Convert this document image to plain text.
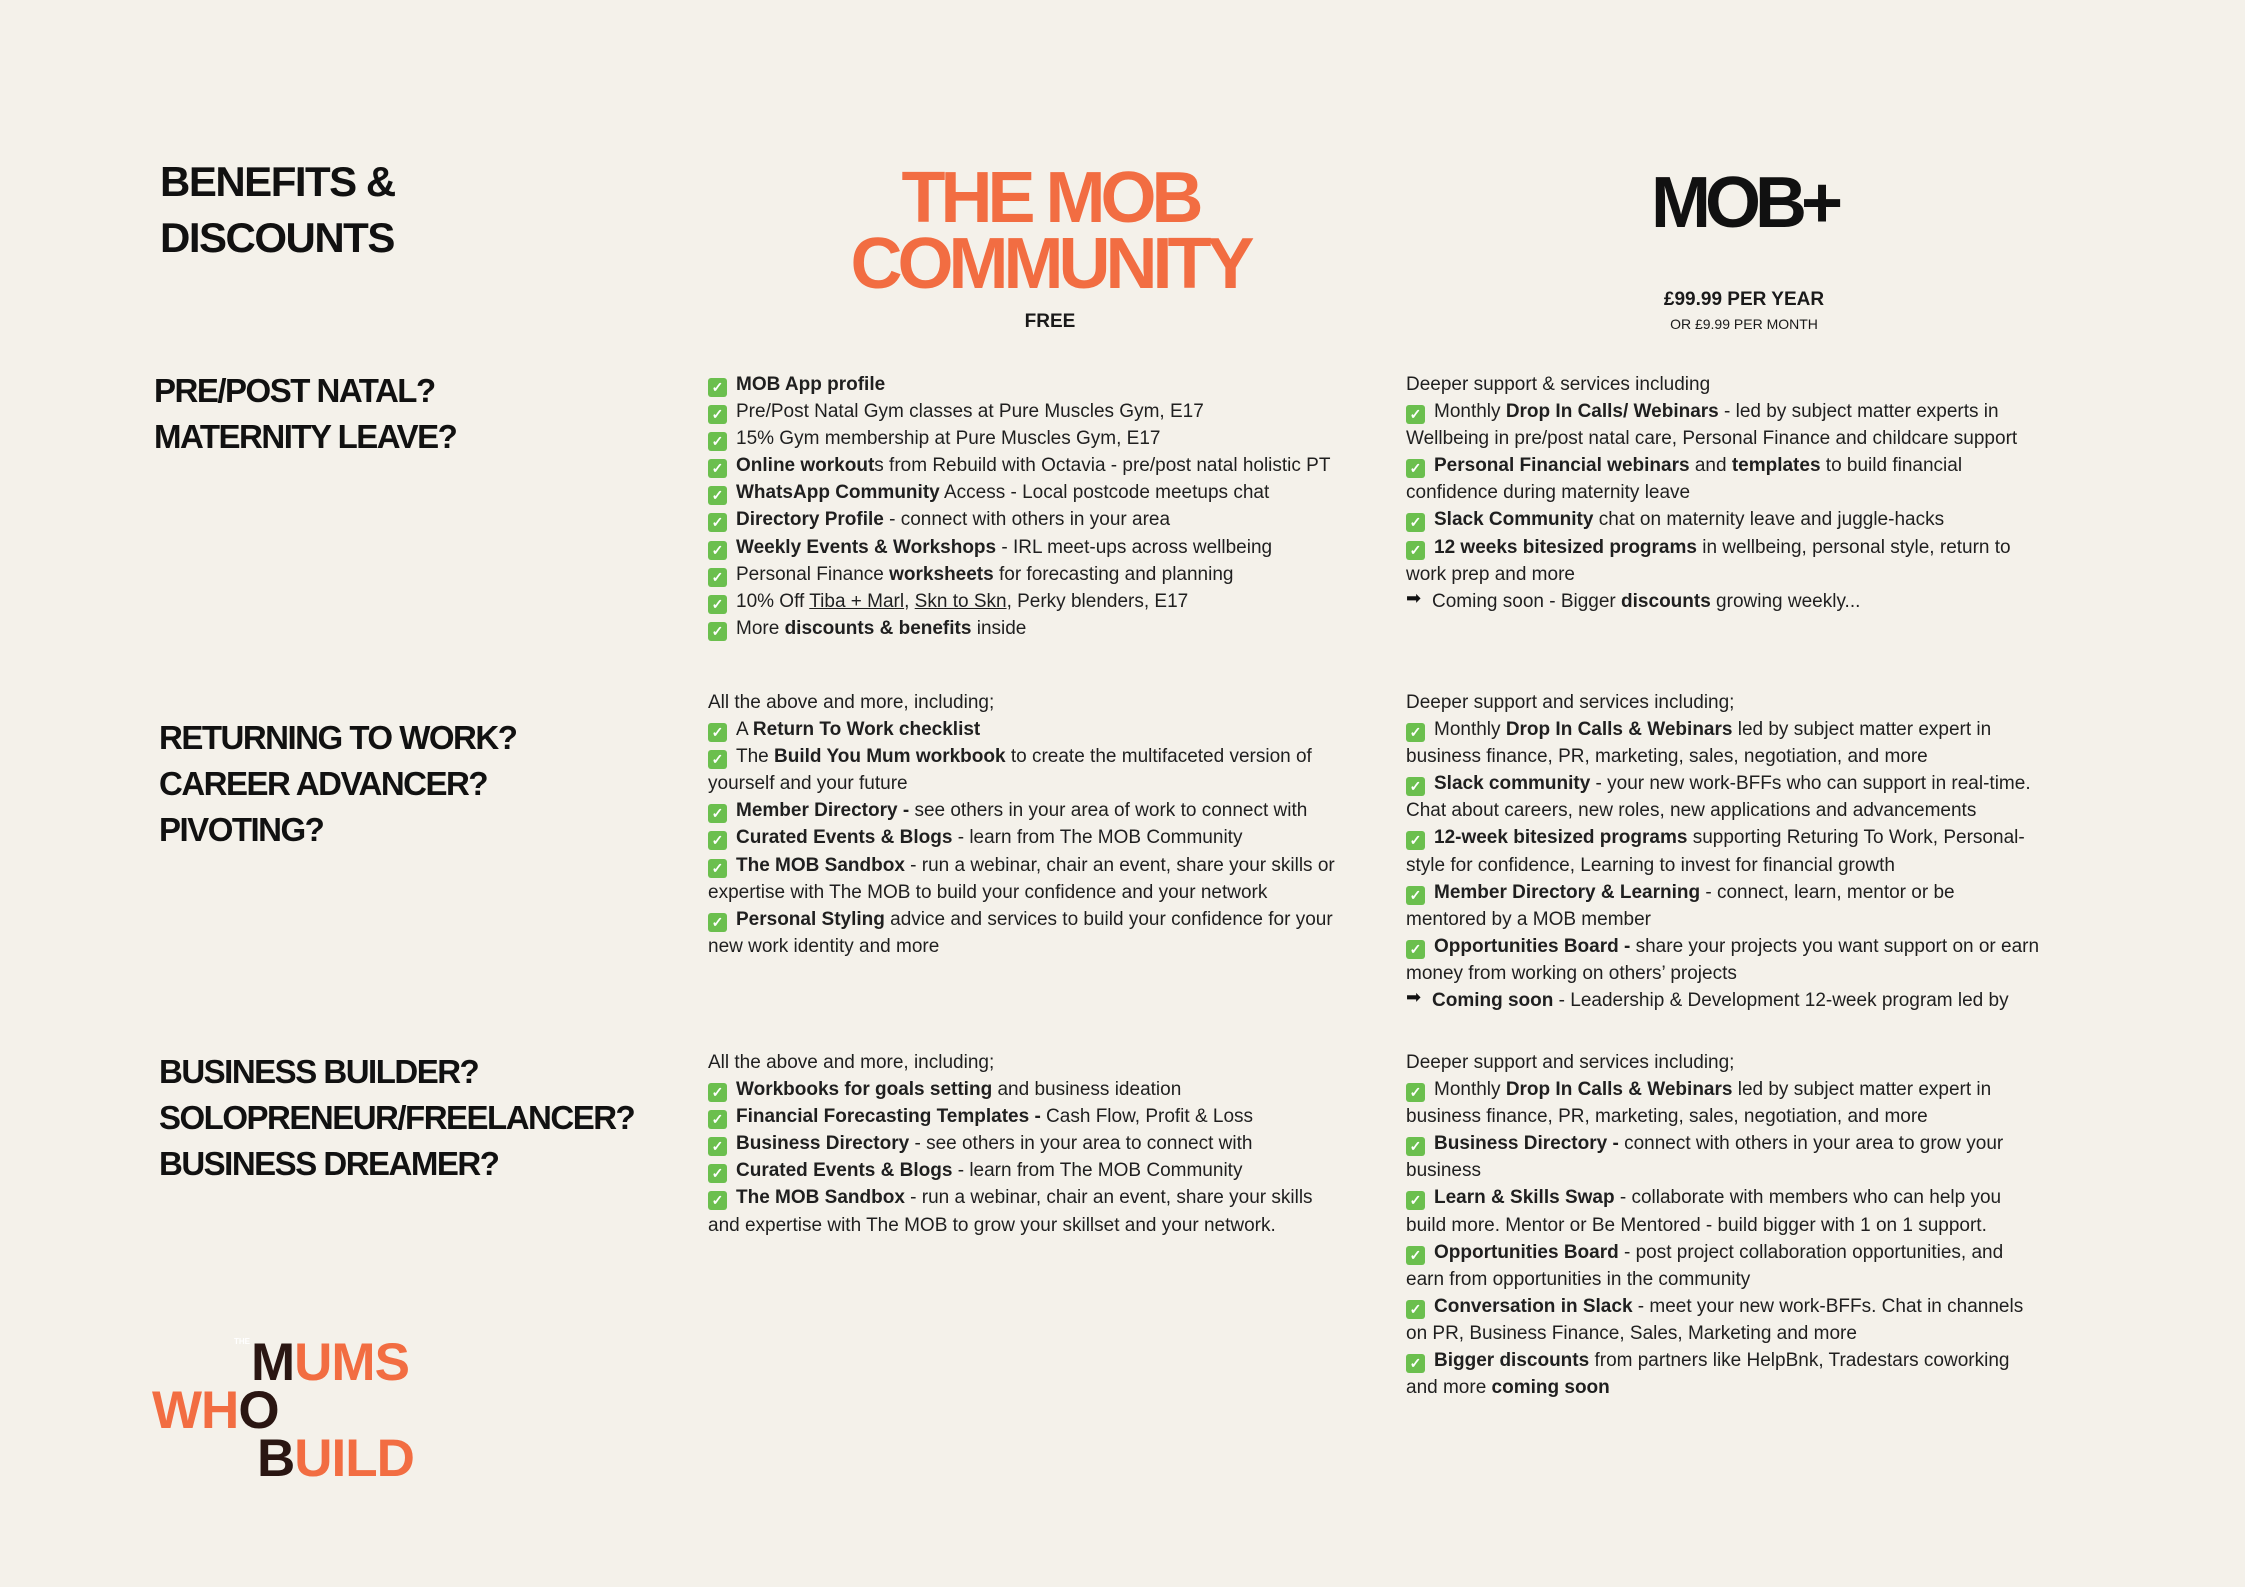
BENEFITS &
DISCOUNTS	THE MOB
COMMUNITY
FREE
MOB+
£99.99 PER YEAR
OR £9.99 PER MONTH
PRE/POST NATAL?
MATERNITY LEAVE?
✓ MOB App profile
✓ Pre/Post Natal Gym classes at Pure Muscles Gym, E17
✓ 15% Gym membership at Pure Muscles Gym, E17
✓ Online workouts from Rebuild with Octavia - pre/post natal holistic PT
✓ WhatsApp Community Access - Local postcode meetups chat
✓ Directory Profile - connect with others in your area
✓ Weekly Events & Workshops - IRL meet-ups across wellbeing
✓ Personal Finance worksheets for forecasting and planning
✓ 10% Off Tiba + Marl, Skn to Skn, Perky blenders, E17
✓ More discounts & benefits inside
Deeper support & services including
✓ Monthly Drop In Calls/ Webinars - led by subject matter experts in
Wellbeing in pre/post natal care, Personal Finance and childcare support
✓ Personal Financial webinars and templates to build financial
confidence during maternity leave
✓ Slack Community chat on maternity leave and juggle-hacks
✓ 12 weeks bitesized programs in wellbeing, personal style, return to
work prep and more
➡ Coming soon - Bigger discounts growing weekly...
RETURNING TO WORK?
CAREER ADVANCER?
PIVOTING?
All the above and more, including;
✓ A Return To Work checklist
✓ The Build You Mum workbook to create the multifaceted version of
yourself and your future
✓ Member Directory - see others in your area of work to connect with
✓ Curated Events & Blogs - learn from The MOB Community
✓ The MOB Sandbox - run a webinar, chair an event, share your skills or
expertise with The MOB to build your confidence and your network
✓ Personal Styling advice and services to build your confidence for your
new work identity and more
Deeper support and services including;
✓ Monthly Drop In Calls & Webinars led by subject matter expert in
business finance, PR, marketing, sales, negotiation, and more
✓ Slack community - your new work-BFFs who can support in real-time.
Chat about careers, new roles, new applications and advancements
✓ 12-week bitesized programs supporting Returing To Work, Personal-
style for confidence, Learning to invest for financial growth
✓ Member Directory & Learning - connect, learn, mentor or be
mentored by a MOB member
✓ Opportunities Board - share your projects you want support on or earn
money from working on others’ projects
➡ Coming soon - Leadership & Development 12-week program led by
BUSINESS BUILDER?
SOLOPRENEUR/FREELANCER?
BUSINESS DREAMER?
All the above and more, including;
✓ Workbooks for goals setting and business ideation
✓ Financial Forecasting Templates - Cash Flow, Profit & Loss
✓ Business Directory - see others in your area to connect with
✓ Curated Events & Blogs - learn from The MOB Community
✓ The MOB Sandbox - run a webinar, chair an event, share your skills
and expertise with The MOB to grow your skillset and your network.
Deeper support and services including;
✓ Monthly Drop In Calls & Webinars led by subject matter expert in
business finance, PR, marketing, sales, negotiation, and more
✓ Business Directory - connect with others in your area to grow your
business
✓ Learn & Skills Swap - collaborate with members who can help you
build more. Mentor or Be Mentored - build bigger with 1 on 1 support.
✓ Opportunities Board - post project collaboration opportunities, and
earn from opportunities in the community
✓ Conversation in Slack - meet your new work-BFFs. Chat in channels
on PR, Business Finance, Sales, Marketing and more
✓ Bigger discounts from partners like HelpBnk, Tradestars coworking
and more coming soon
THE MUMS
WHO
BUILD
